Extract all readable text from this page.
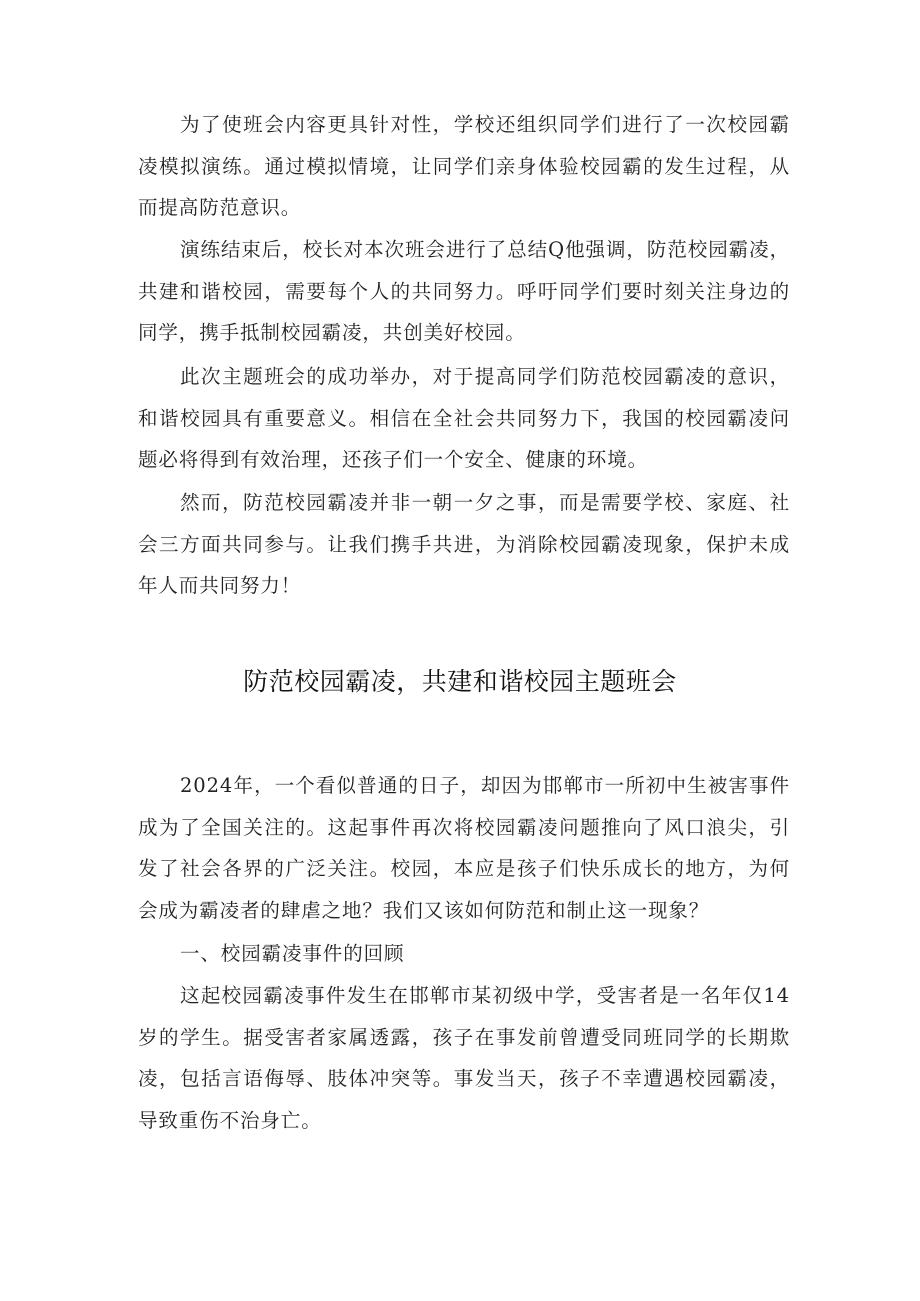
为了使班会内容更具针对性，学校还组织同学们进行了一次校园霸凌模拟演练。通过模拟情境，让同学们亲身体验校园霸的发生过程，从而提高防范意识。

演练结束后，校长对本次班会进行了总结Q他强调，防范校园霸凌，共建和谐校园，需要每个人的共同努力。呼吁同学们要时刻关注身边的同学，携手抵制校园霸凌，共创美好校园。

此次主题班会的成功举办，对于提高同学们防范校园霸凌的意识，和谐校园具有重要意义。相信在全社会共同努力下，我国的校园霸凌问题必将得到有效治理，还孩子们一个安全、健康的环境。

然而，防范校园霸凌并非一朝一夕之事，而是需要学校、家庭、社会三方面共同参与。让我们携手共进，为消除校园霸凌现象，保护未成年人而共同努力！

防范校园霸凌，共建和谐校园主题班会

2024年，一个看似普通的日子，却因为邯郸市一所初中生被害事件成为了全国关注的。这起事件再次将校园霸凌问题推向了风口浪尖，引发了社会各界的广泛关注。校园，本应是孩子们快乐成长的地方，为何会成为霸凌者的肆虐之地？我们又该如何防范和制止这一现象？

一、校园霸凌事件的回顾

这起校园霸凌事件发生在邯郸市某初级中学，受害者是一名年仅14岁的学生。据受害者家属透露，孩子在事发前曾遭受同班同学的长期欺凌，包括言语侮辱、肢体冲突等。事发当天，孩子不幸遭遇校园霸凌，导致重伤不治身亡。
